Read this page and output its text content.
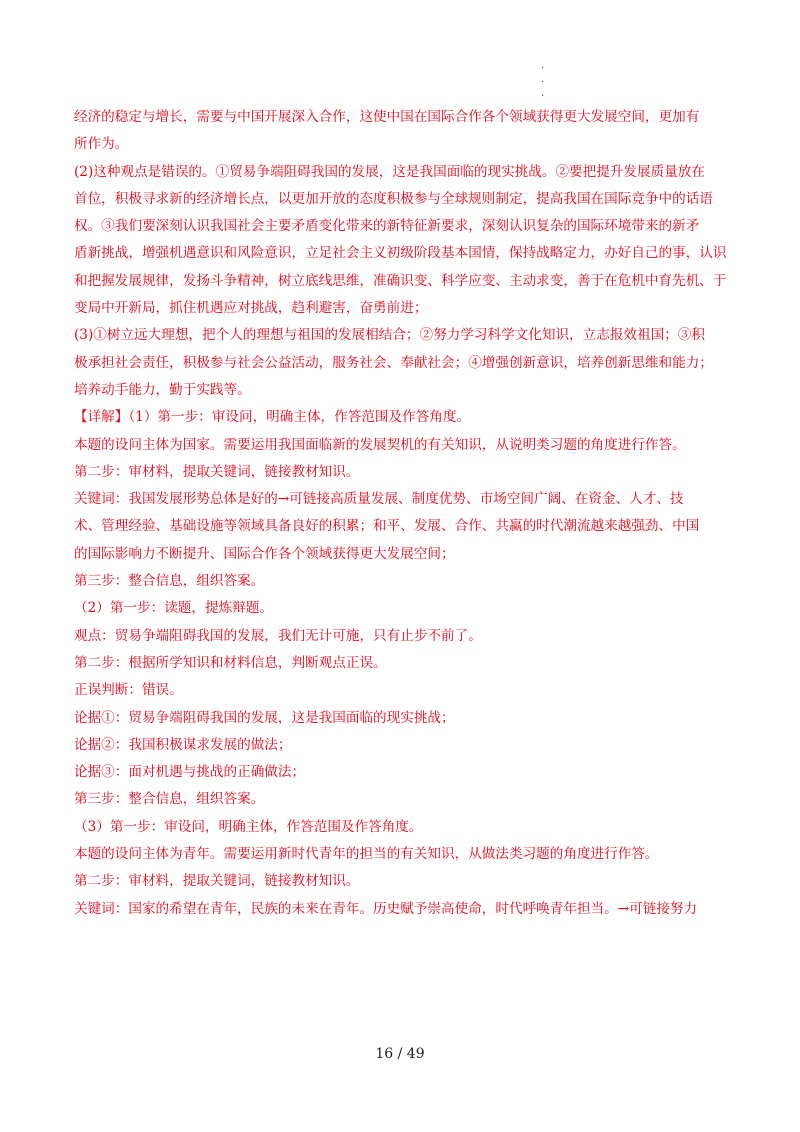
· · ·
经济的稳定与增长，需要与中国开展深入合作，这使中国在国际合作各个领域获得更大发展空间，更加有
所作为。
(2)这种观点是错误的。①贸易争端阻碍我国的发展，这是我国面临的现实挑战。②要把提升发展质量放在
首位，积极寻求新的经济增长点，以更加开放的态度积极参与全球规则制定，提高我国在国际竞争中的话语
权。③我们要深刻认识我国社会主要矛盾变化带来的新特征新要求，深刻认识复杂的国际环境带来的新矛
盾新挑战，增强机遇意识和风险意识，立足社会主义初级阶段基本国情，保持战略定力，办好自己的事，认识
和把握发展规律，发扬斗争精神，树立底线思维，准确识变、科学应变、主动求变，善于在危机中育先机、于
变局中开新局，抓住机遇应对挑战，趋利避害，奋勇前进；
(3)①树立远大理想，把个人的理想与祖国的发展相结合；②努力学习科学文化知识，立志报效祖国；③积
极承担社会责任，积极参与社会公益活动，服务社会、奉献社会；④增强创新意识，培养创新思维和能力；
培养动手能力，勤于实践等。
【详解】（1）第一步：审设问，明确主体，作答范围及作答角度。
本题的设问主体为国家。需要运用我国面临新的发展契机的有关知识，从说明类习题的角度进行作答。
第二步：审材料，提取关键词，链接教材知识。
关键词：我国发展形势总体是好的→可链接高质量发展、制度优势、市场空间广阔、在资金、人才、技
术、管理经验、基础设施等领域具备良好的积累；和平、发展、合作、共赢的时代潮流越来越强劲、中国
的国际影响力不断提升、国际合作各个领域获得更大发展空间；
第三步：整合信息，组织答案。
（2）第一步：读题，提炼辩题。
观点：贸易争端阻碍我国的发展，我们无计可施，只有止步不前了。
第二步：根据所学知识和材料信息，判断观点正误。
正误判断：错误。
论据①：贸易争端阻碍我国的发展，这是我国面临的现实挑战；
论据②：我国积极谋求发展的做法；
论据③：面对机遇与挑战的正确做法；
第三步：整合信息，组织答案。
（3）第一步：审设问，明确主体，作答范围及作答角度。
本题的设问主体为青年。需要运用新时代青年的担当的有关知识，从做法类习题的角度进行作答。
第二步：审材料，提取关键词，链接教材知识。
关键词：国家的希望在青年，民族的未来在青年。历史赋予崇高使命，时代呼唤青年担当。→可链接努力
16 / 49
